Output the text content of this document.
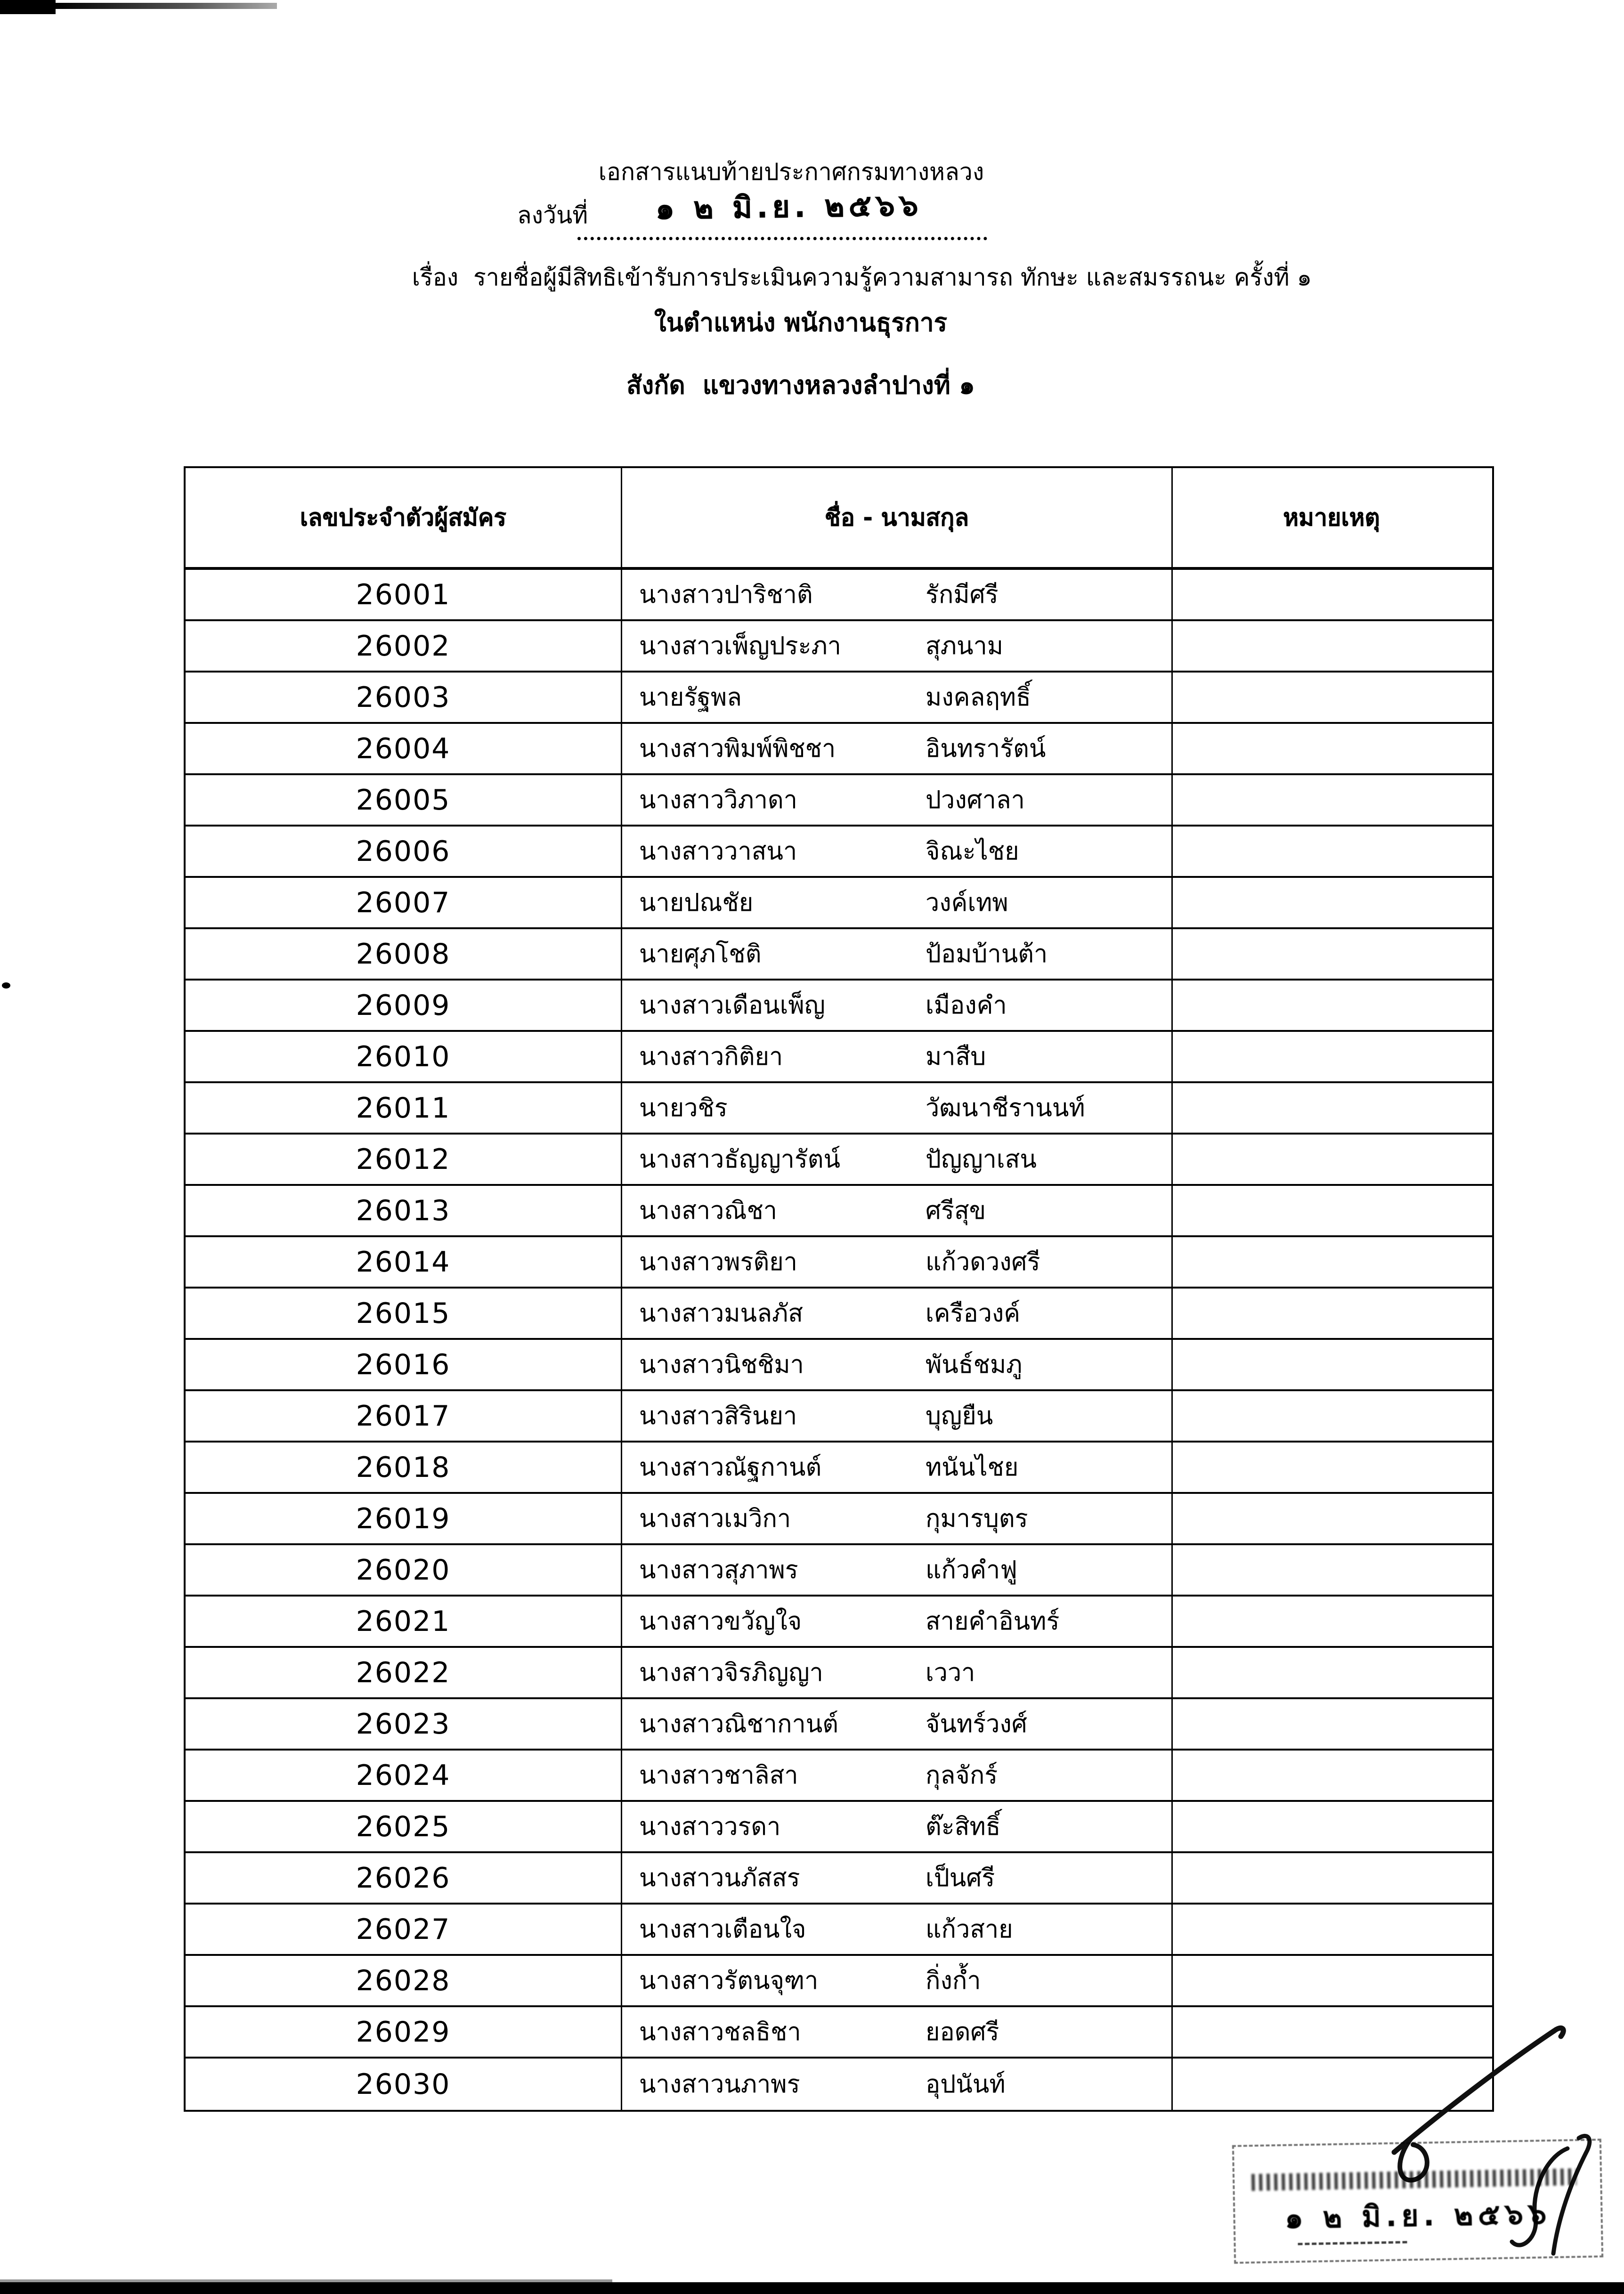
เอกสารแนบท้ายประกาศกรมทางหลวง
ลงวันที่	๑ ๒ มิ.ย. ๒๕๖๖
เรื่อง  รายชื่อผู้มีสิทธิเข้ารับการประเมินความรู้ความสามารถ ทักษะ และสมรรถนะ ครั้งที่ ๑
ในตำแหน่ง พนักงานธุรการ
สังกัด  แขวงทางหลวงลำปางที่ ๑
เลขประจำตัวผู้สมัคร	ชื่อ - นามสกุล	หมายเหตุ
26001	นางสาวปาริชาติ	รักมีศรี
26002	นางสาวเพ็ญประภา	สุภนาม
26003	นายรัฐพล	มงคลฤทธิ์
26004	นางสาวพิมพ์พิชชา	อินทรารัตน์
26005	นางสาววิภาดา	ปวงศาลา
26006	นางสาววาสนา	จิณะไชย
26007	นายปณชัย	วงค์เทพ
26008	นายศุภโชติ	ป้อมบ้านต้า
26009	นางสาวเดือนเพ็ญ	เมืองคำ
26010	นางสาวกิติยา	มาสืบ
26011	นายวชิร	วัฒนาชีรานนท์
26012	นางสาวธัญญารัตน์	ปัญญาเสน
26013	นางสาวณิชา	ศรีสุข
26014	นางสาวพรติยา	แก้วดวงศรี
26015	นางสาวมนลภัส	เครือวงค์
26016	นางสาวนิชชิมา	พันธ์ชมภู
26017	นางสาวสิรินยา	บุญยืน
26018	นางสาวณัฐกานต์	ทนันไชย
26019	นางสาวเมวิกา	กุมารบุตร
26020	นางสาวสุภาพร	แก้วคำฟู
26021	นางสาวขวัญใจ	สายคำอินทร์
26022	นางสาวจิรภิญญา	เววา
26023	นางสาวณิชากานต์	จันทร์วงศ์
26024	นางสาวชาลิสา	กุลจักร์
26025	นางสาววรดา	ต๊ะสิทธิ์
26026	นางสาวนภัสสร	เป็นศรี
26027	นางสาวเตือนใจ	แก้วสาย
26028	นางสาวรัตนจุฑา	กิ่งก้ำ
26029	นางสาวชลธิชา	ยอดศรี
26030	นางสาวนภาพร	อุปนันท์
๑ ๒ มิ.ย. ๒๕๖๖
